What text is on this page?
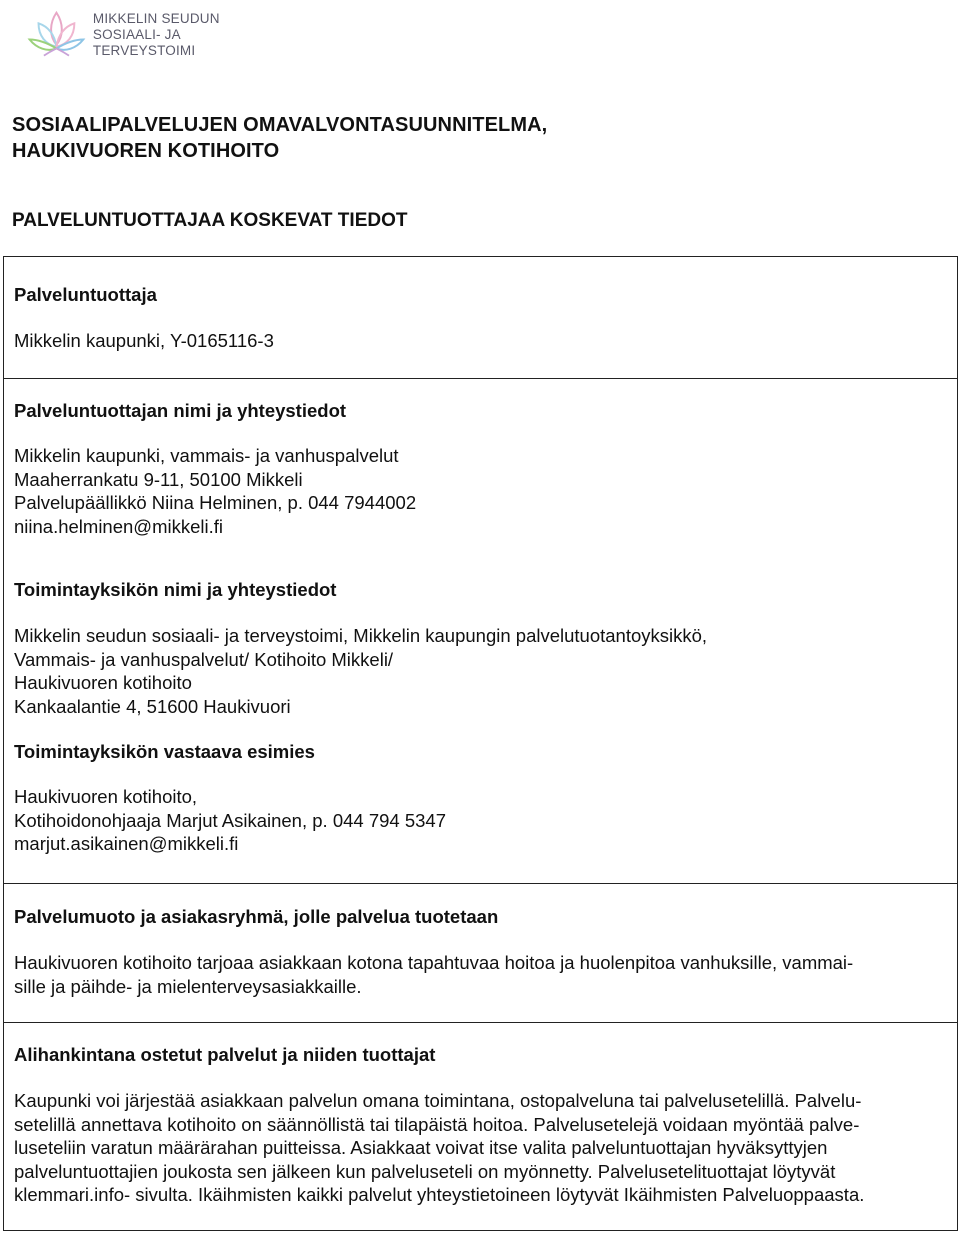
MIKKELIN SEUDUN
SOSIAALI- JA TERVEYSTOIMI
SOSIAALIPALVELUJEN OMAVALVONTASUUNNITELMA,
HAUKIVUOREN KOTIHOITO
PALVELUNTUOTTAJAA KOSKEVAT TIEDOT
Palveluntuottaja
Mikkelin kaupunki, Y-0165116-3
Palveluntuottajan nimi ja yhteystiedot
Mikkelin kaupunki, vammais- ja vanhuspalvelut
Maaherrankatu 9-11, 50100 Mikkeli
Palvelupäällikkö Niina Helminen, p. 044 7944002
niina.helminen@mikkeli.fi
Toimintayksikön nimi ja yhteystiedot
Mikkelin seudun sosiaali- ja terveystoimi, Mikkelin kaupungin palvelutuotantoyksikkö,
Vammais- ja vanhuspalvelut/ Kotihoito Mikkeli/
Haukivuoren kotihoito
Kankaalantie 4, 51600 Haukivuori
Toimintayksikön vastaava esimies
Haukivuoren kotihoito,
Kotihoidonohjaaja Marjut Asikainen, p. 044 794 5347
marjut.asikainen@mikkeli.fi
Palvelumuoto ja asiakasryhmä, jolle palvelua tuotetaan
Haukivuoren kotihoito tarjoaa asiakkaan kotona tapahtuvaa hoitoa ja huolenpitoa vanhuksille, vammai-
sille ja päihde- ja mielenterveysasiakkaille.
Alihankintana ostetut palvelut ja niiden tuottajat
Kaupunki voi järjestää asiakkaan palvelun omana toimintana, ostopalveluna tai palvelusetelillä. Palvelu-
setelillä annettava kotihoito on säännöllistä tai tilapäistä hoitoa. Palvelusetelejä voidaan myöntää palve-
luseteliin varatun määrärahan puitteissa. Asiakkaat voivat itse valita palveluntuottajan hyväksyttyjen
palveluntuottajien joukosta sen jälkeen kun palveluseteli on myönnetty. Palvelusetelituottajat löytyvät
klemmari.info- sivulta. Ikäihmisten kaikki palvelut yhteystietoineen löytyvät Ikäihmisten Palveluoppaasta.
